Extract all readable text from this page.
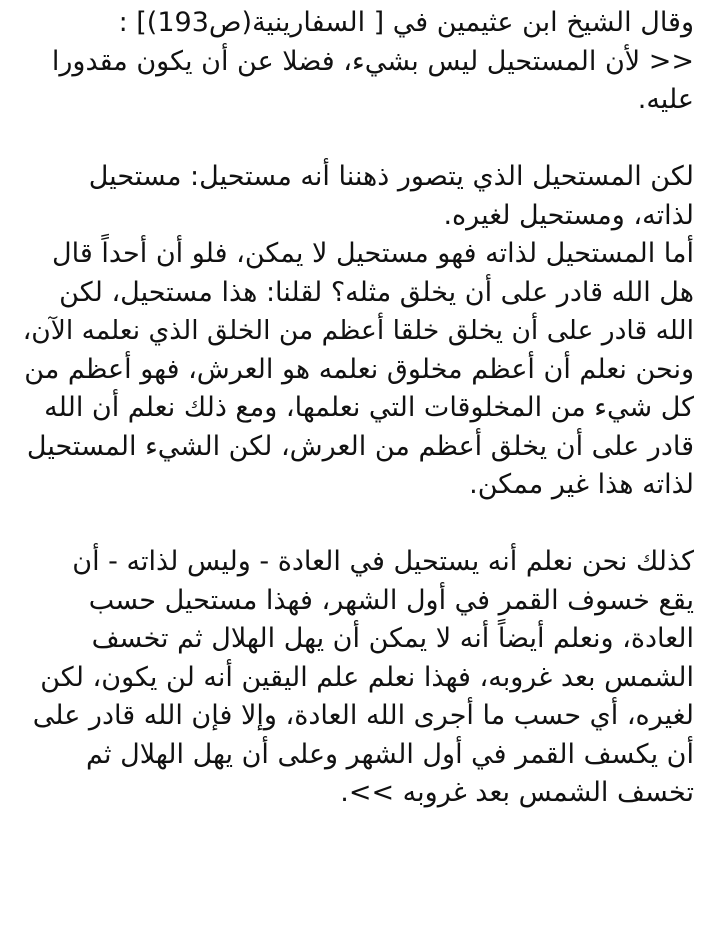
وقال الشيخ ابن عثيمين في [ السفارينية(ص193)] :
<< لأن المستحيل ليس بشيء، فضلا عن أن يكون مقدورا
عليه.
لكن المستحيل الذي يتصور ذهننا أنه مستحيل: مستحيل
لذاته، ومستحيل لغيره.
أما المستحيل لذاته فهو مستحيل لا يمكن، فلو أن أحداً قال
هل الله قادر على أن يخلق مثله؟ لقلنا: هذا مستحيل، لكن
الله قادر على أن يخلق خلقا أعظم من الخلق الذي نعلمه الآن،
ونحن نعلم أن أعظم مخلوق نعلمه هو العرش، فهو أعظم من
كل شيء من المخلوقات التي نعلمها، ومع ذلك نعلم أن الله
قادر على أن يخلق أعظم من العرش، لكن الشيء المستحيل
لذاته هذا غير ممكن.
كذلك نحن نعلم أنه يستحيل في العادة - وليس لذاته - أن
يقع خسوف القمر في أول الشهر، فهذا مستحيل حسب
العادة، ونعلم أيضاً أنه لا يمكن أن يهل الهلال ثم تخسف
الشمس بعد غروبه، فهذا نعلم علم اليقين أنه لن يكون، لكن
لغيره، أي حسب ما أجرى الله العادة، وإلا فإن الله قادر على
أن يكسف القمر في أول الشهر وعلى أن يهل الهلال ثم
تخسف الشمس بعد غروبه >>.
